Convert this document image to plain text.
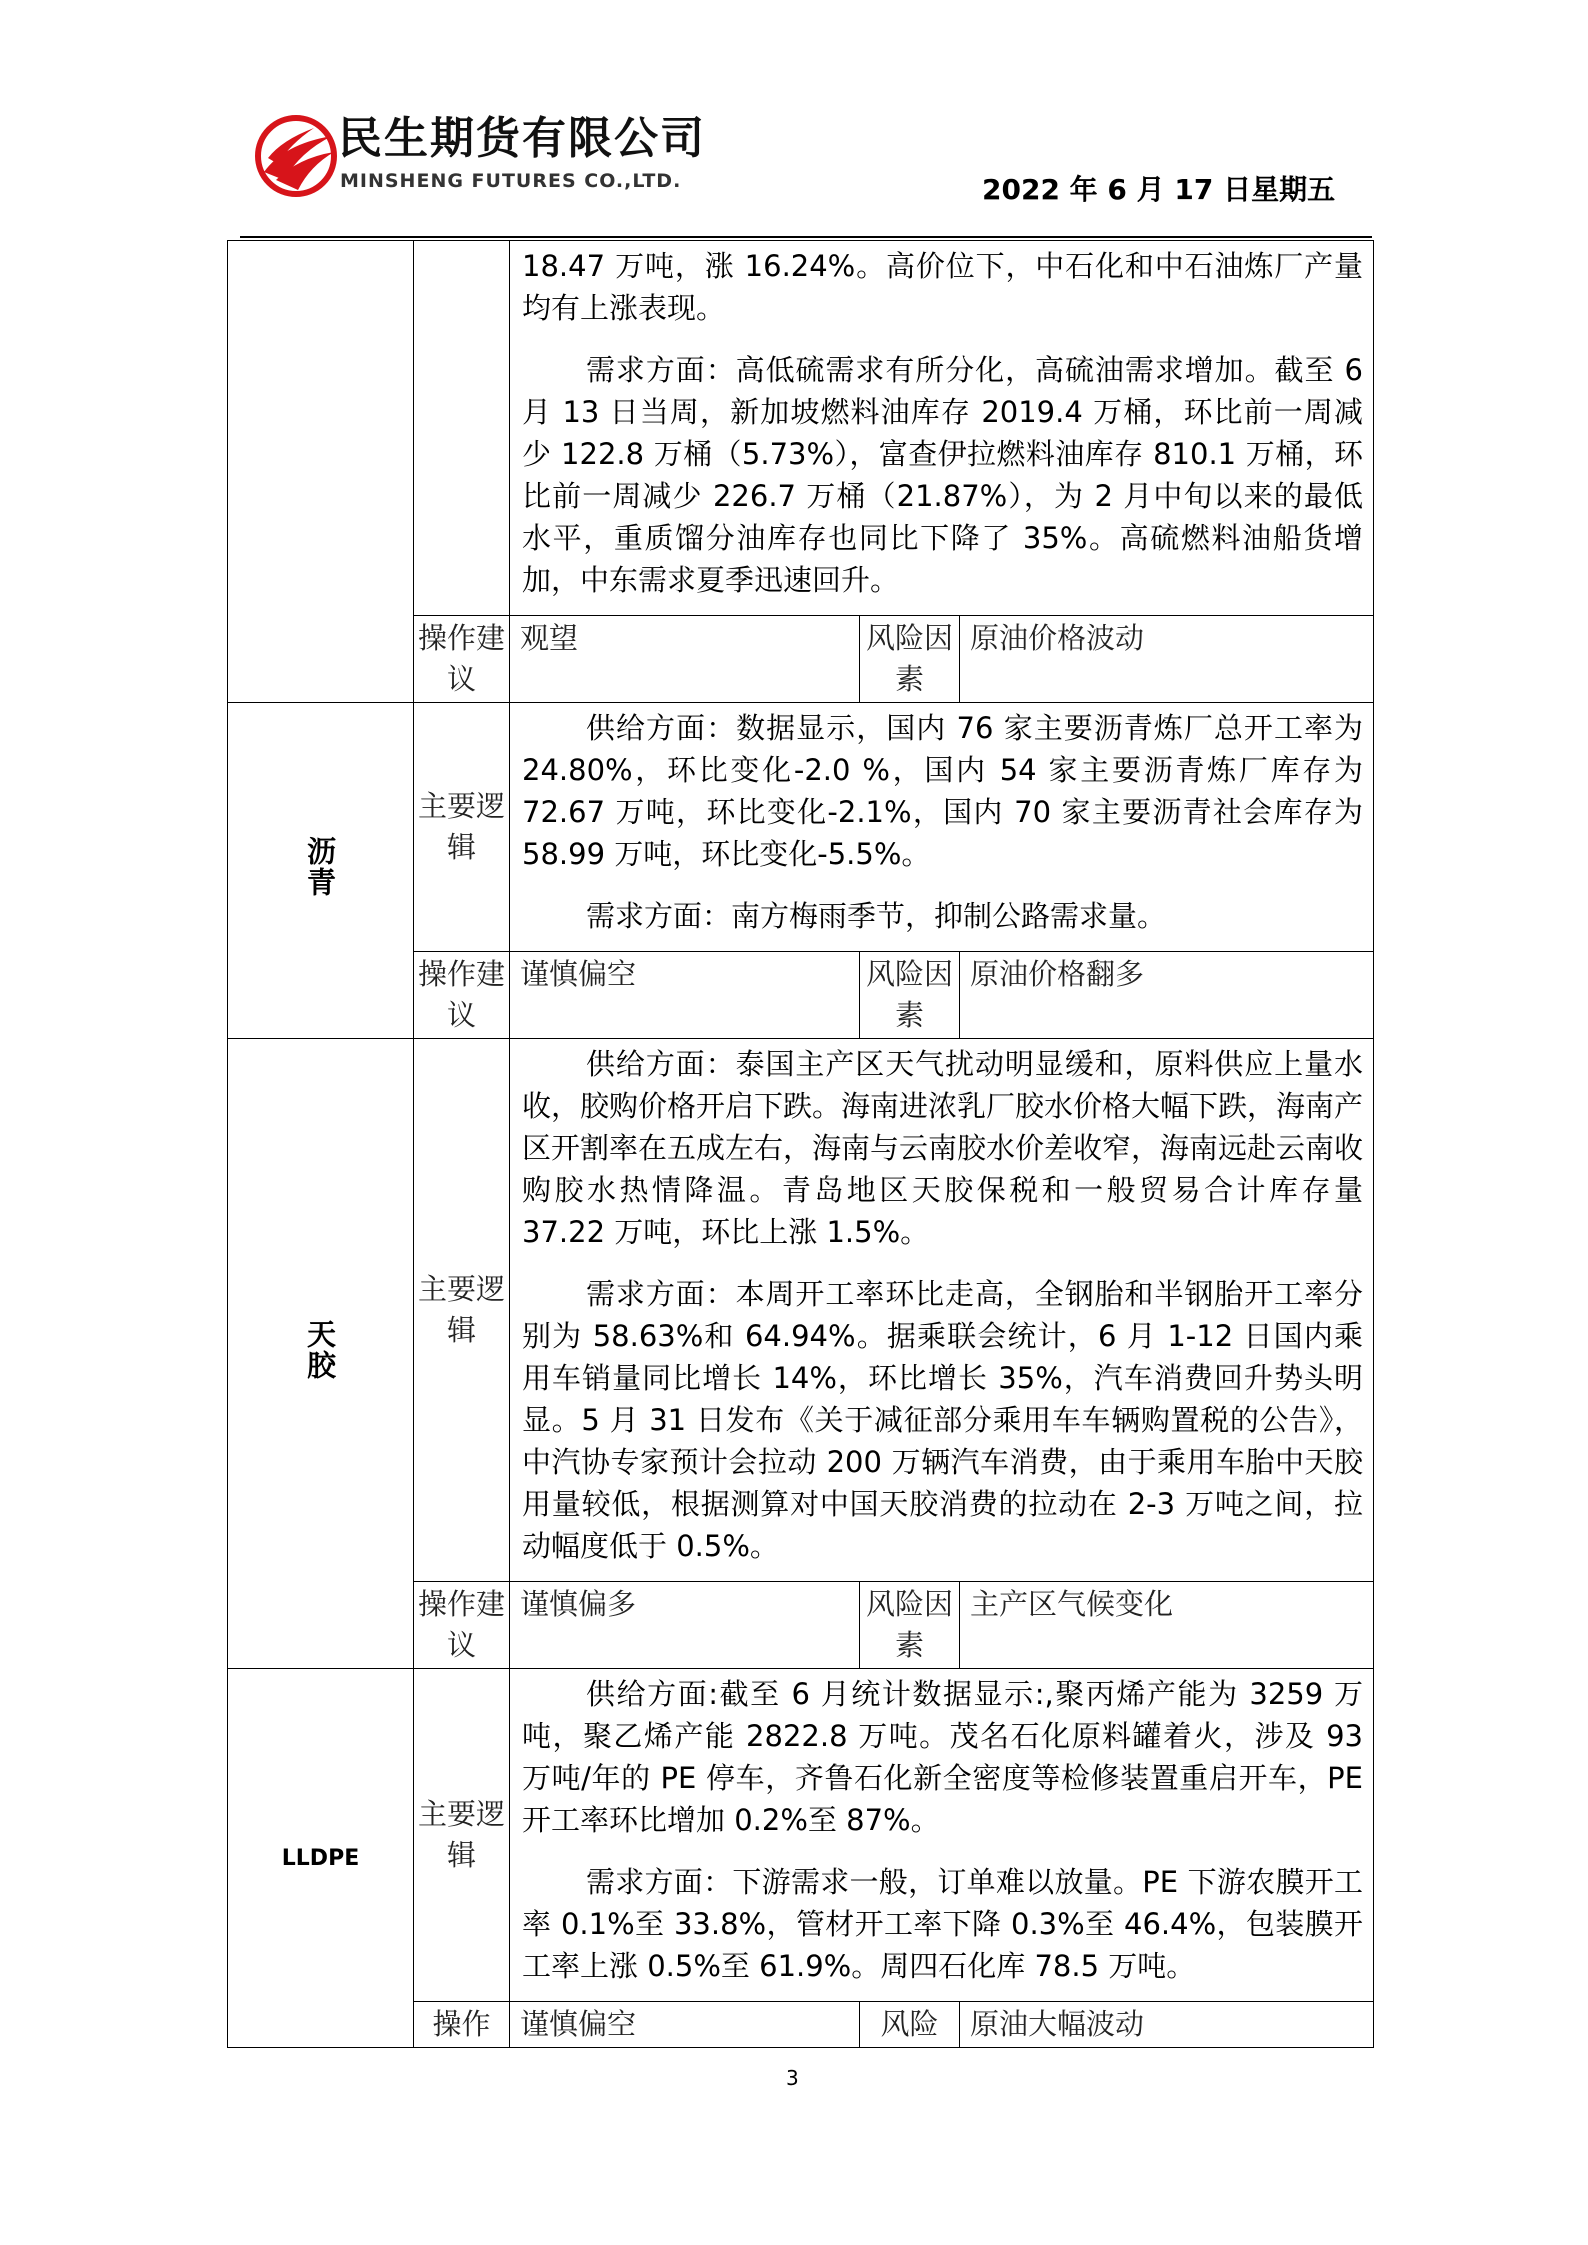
民生期货有限公司
MINSHENG FUTURES CO.,LTD.	2022 年 6 月 17 日星期五

		18.47 万吨，涨 16.24%。高价位下，中石化和中石油炼厂产量均有上涨表现。

需求方面：高低硫需求有所分化，高硫油需求增加。截至 6 月 13 日当周，新加坡燃料油库存 2019.4 万桶，环比前一周减少 122.8 万桶（5.73%），富查伊拉燃料油库存 810.1 万桶，环比前一周减少 226.7 万桶（21.87%），为 2 月中旬以来的最低水平，重质馏分油库存也同比下降了 35%。高硫燃料油船货增加，中东需求夏季迅速回升。		

	操作建议	观望	风险因素	原油价格波动
沥青	主要逻辑	供给方面：数据显示，国内 76 家主要沥青炼厂总开工率为 24.80%，环比变化-2.0 %，国内 54 家主要沥青炼厂库存为 72.67 万吨，环比变化-2.1%，国内 70 家主要沥青社会库存为 58.99 万吨，环比变化-5.5%。

需求方面：南方梅雨季节，抑制公路需求量。		

	操作建议	谨慎偏空	风险因素	原油价格翻多
天胶	主要逻辑	供给方面：泰国主产区天气扰动明显缓和，原料供应上量水收，胶购价格开启下跌。海南进浓乳厂胶水价格大幅下跌，海南产区开割率在五成左右，海南与云南胶水价差收窄，海南远赴云南收购胶水热情降温。青岛地区天胶保税和一般贸易合计库存量 37.22 万吨，环比上涨 1.5%。

需求方面：本周开工率环比走高，全钢胎和半钢胎开工率分别为 58.63%和 64.94%。据乘联会统计，6 月 1-12 日国内乘用车销量同比增长 14%，环比增长 35%，汽车消费回升势头明显。5 月 31 日发布《关于减征部分乘用车车辆购置税的公告》，中汽协专家预计会拉动 200 万辆汽车消费，由于乘用车胎中天胶用量较低，根据测算对中国天胶消费的拉动在 2-3 万吨之间，拉动幅度低于 0.5%。		

	操作建议	谨慎偏多	风险因素	主产区气候变化
LLDPE	主要逻辑	供给方面:截至 6 月统计数据显示:,聚丙烯产能为 3259 万吨，聚乙烯产能 2822.8 万吨。茂名石化原料罐着火，涉及 93 万吨/年的 PE 停车，齐鲁石化新全密度等检修装置重启开车，PE 开工率环比增加 0.2%至 87%。

需求方面：下游需求一般，订单难以放量。PE 下游农膜开工率 0.1%至 33.8%，管材开工率下降 0.3%至 46.4%，包装膜开工率上涨 0.5%至 61.9%。周四石化库 78.5 万吨。		

	操作	谨慎偏空	风险	原油大幅波动
3
